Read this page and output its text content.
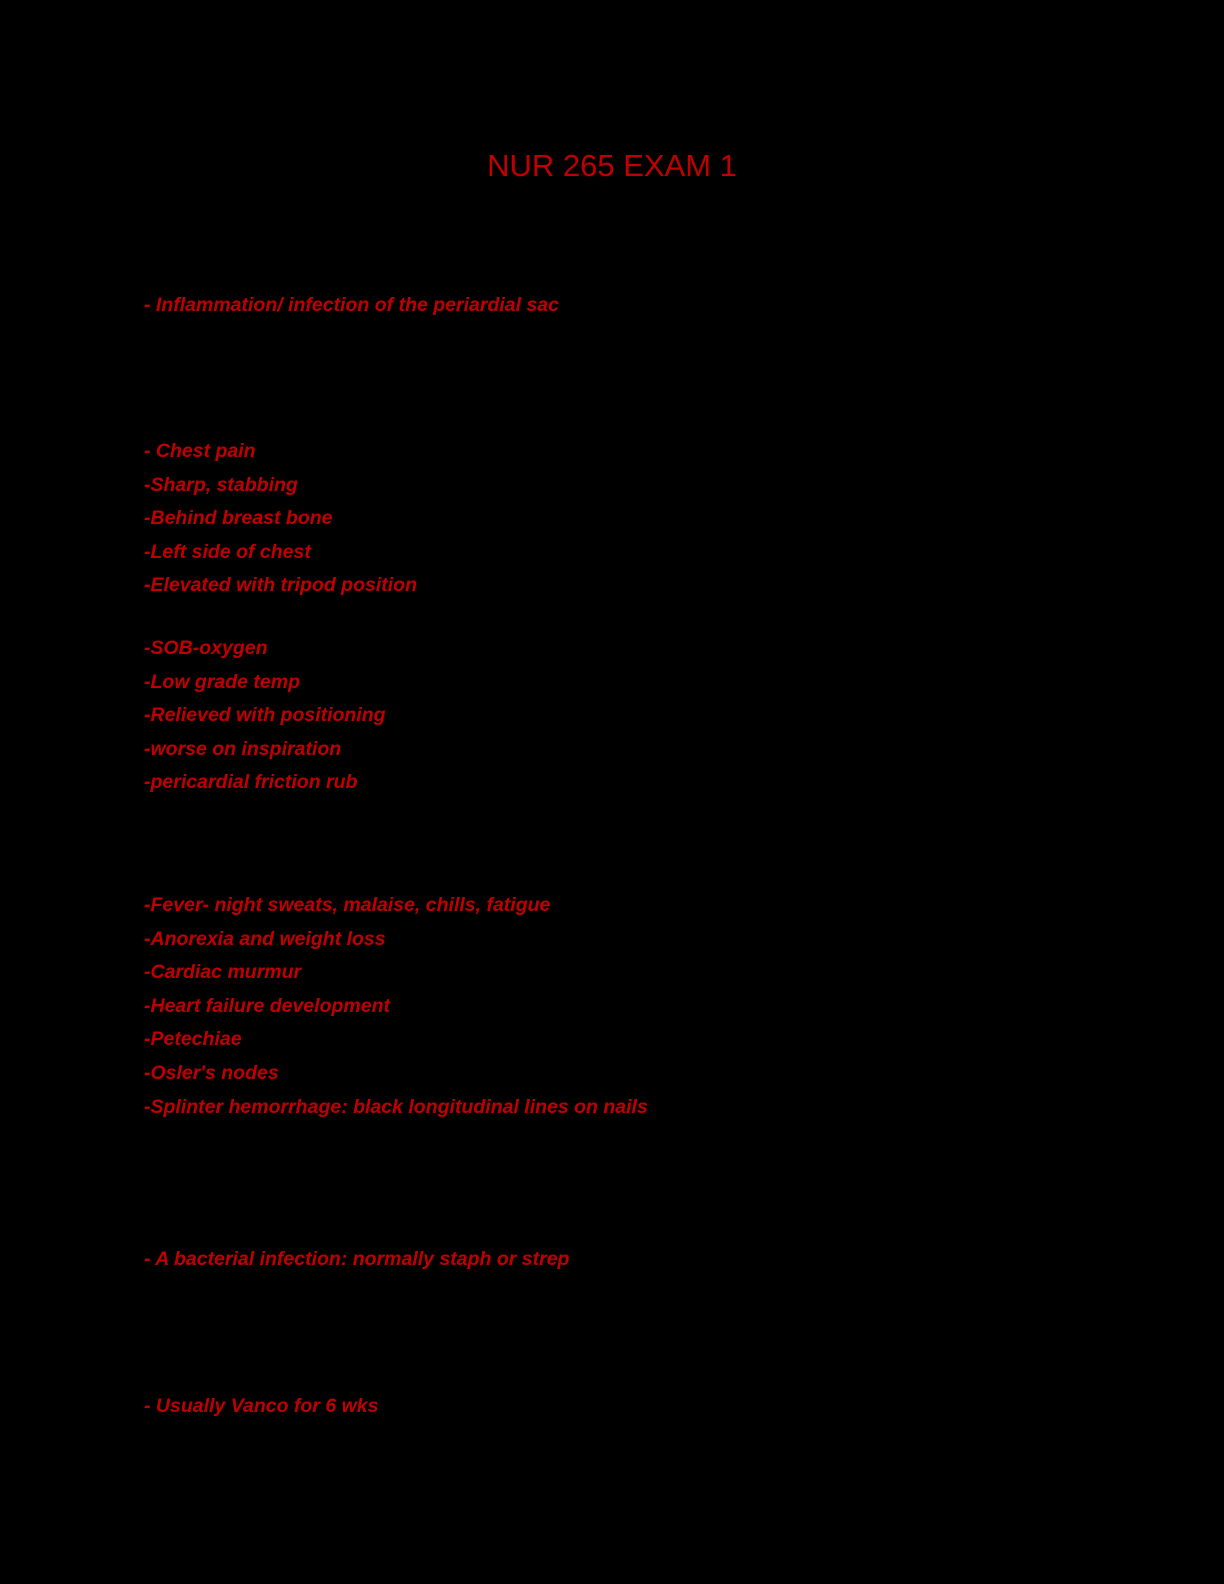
NUR 265 EXAM 1
- Inflammation/ infection of the periardial sac
- Chest pain
-Sharp, stabbing
-Behind breast bone
-Left side of chest
-Elevated with tripod position
-SOB-oxygen
-Low grade temp
-Relieved with positioning
-worse on inspiration
-pericardial friction rub
-Fever- night sweats, malaise, chills, fatigue
-Anorexia and weight loss
-Cardiac murmur
-Heart failure development
-Petechiae
-Osler's nodes
-Splinter hemorrhage: black longitudinal lines on nails
- A bacterial infection: normally staph or strep
- Usually Vanco for 6 wks
